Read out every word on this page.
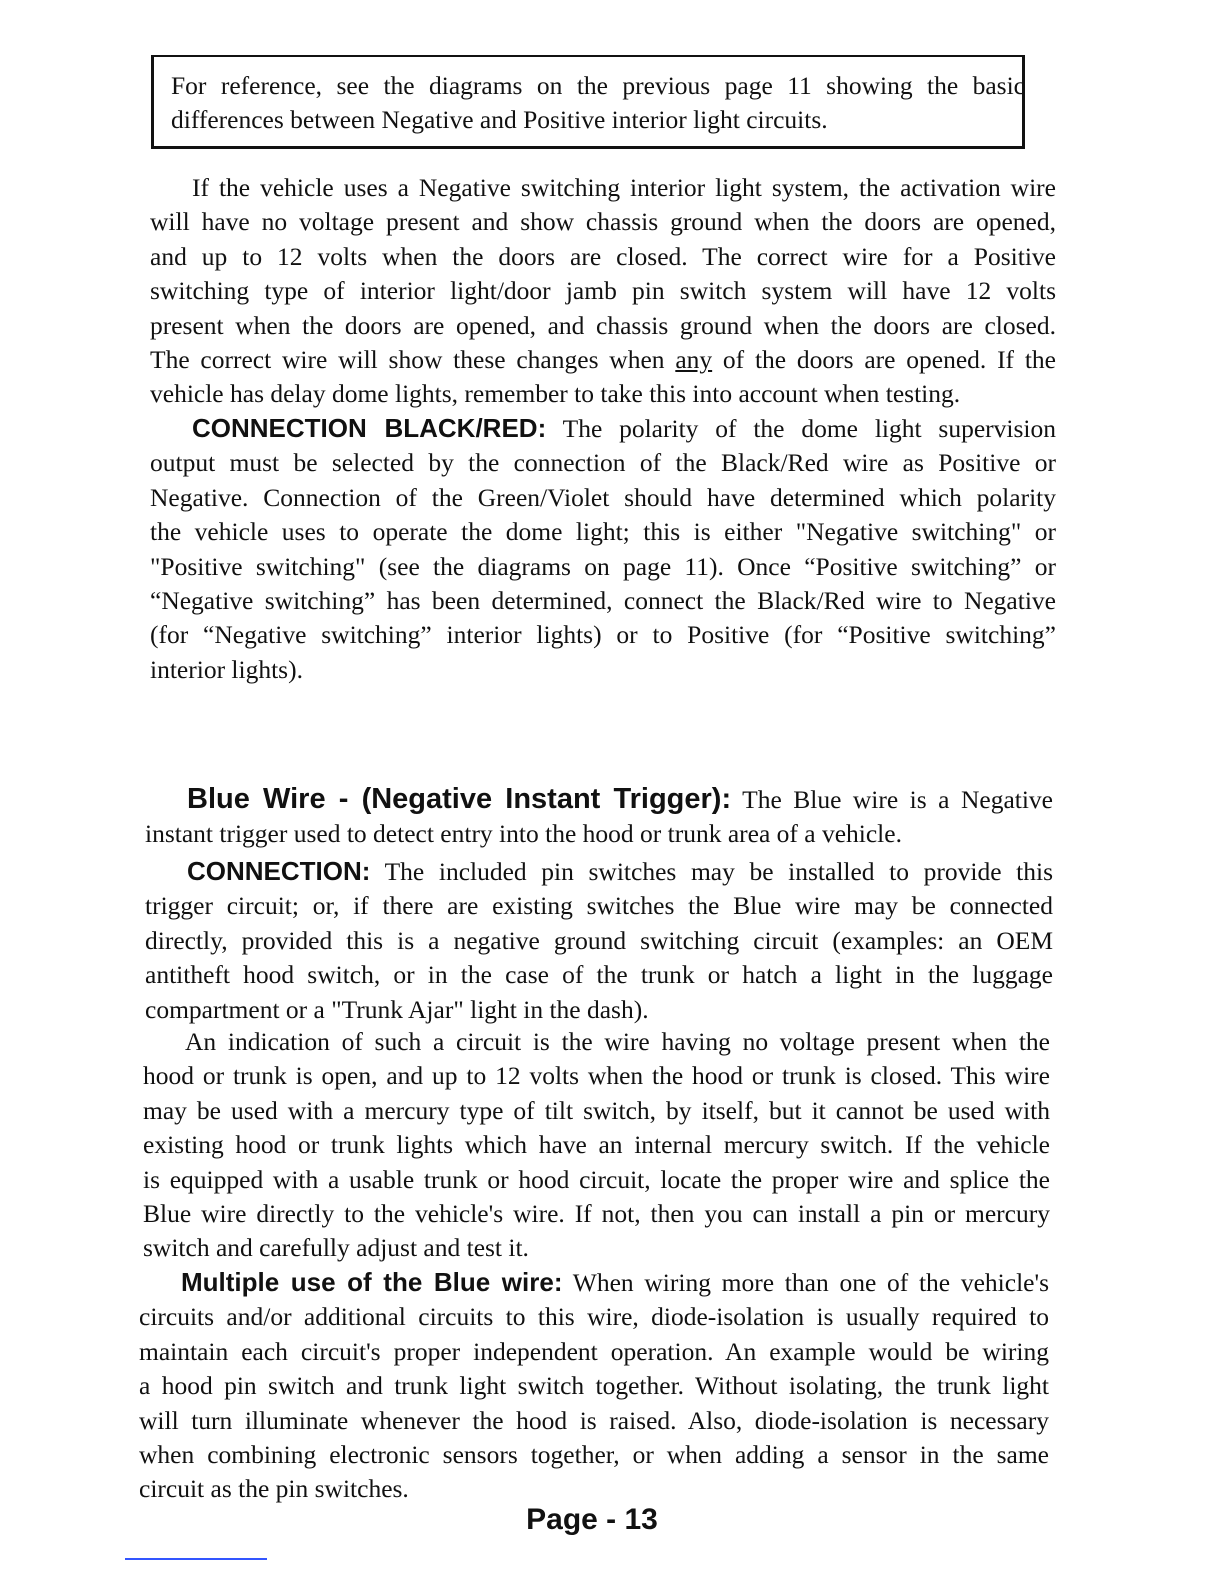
For reference, see the diagrams on the previous page 11 showing the basic
differences between Negative and Positive interior light circuits.
If the vehicle uses a Negative switching interior light system, the activation wire
will have no voltage present and show chassis ground when the doors are opened,
and up to 12 volts when the doors are closed. The correct wire for a Positive
switching type of interior light/door jamb pin switch system will have 12 volts
present when the doors are opened, and chassis ground when the doors are closed.
The correct wire will show these changes when any of the doors are opened. If the
vehicle has delay dome lights, remember to take this into account when testing.
CONNECTION BLACK/RED: The polarity of the dome light supervision
output must be selected by the connection of the Black/Red wire as Positive or
Negative. Connection of the Green/Violet should have determined which polarity
the vehicle uses to operate the dome light; this is either "Negative switching" or
"Positive switching" (see the diagrams on page 11). Once “Positive switching” or
“Negative switching” has been determined, connect the Black/Red wire to Negative
(for “Negative switching” interior lights) or to Positive (for “Positive switching”
interior lights).
Blue Wire - (Negative Instant Trigger): The Blue wire is a Negative
instant trigger used to detect entry into the hood or trunk area of a vehicle.
CONNECTION: The included pin switches may be installed to provide this
trigger circuit; or, if there are existing switches the Blue wire may be connected
directly, provided this is a negative ground switching circuit (examples: an OEM
antitheft hood switch, or in the case of the trunk or hatch a light in the luggage
compartment or a "Trunk Ajar" light in the dash).
An indication of such a circuit is the wire having no voltage present when the
hood or trunk is open, and up to 12 volts when the hood or trunk is closed. This wire
may be used with a mercury type of tilt switch, by itself, but it cannot be used with
existing hood or trunk lights which have an internal mercury switch. If the vehicle
is equipped with a usable trunk or hood circuit, locate the proper wire and splice the
Blue wire directly to the vehicle's wire. If not, then you can install a pin or mercury
switch and carefully adjust and test it.
Multiple use of the Blue wire: When wiring more than one of the vehicle's
circuits and/or additional circuits to this wire, diode-isolation is usually required to
maintain each circuit's proper independent operation. An example would be wiring
a hood pin switch and trunk light switch together. Without isolating, the trunk light
will turn illuminate whenever the hood is raised. Also, diode-isolation is necessary
when combining electronic sensors together, or when adding a sensor in the same
circuit as the pin switches.
Page - 13
